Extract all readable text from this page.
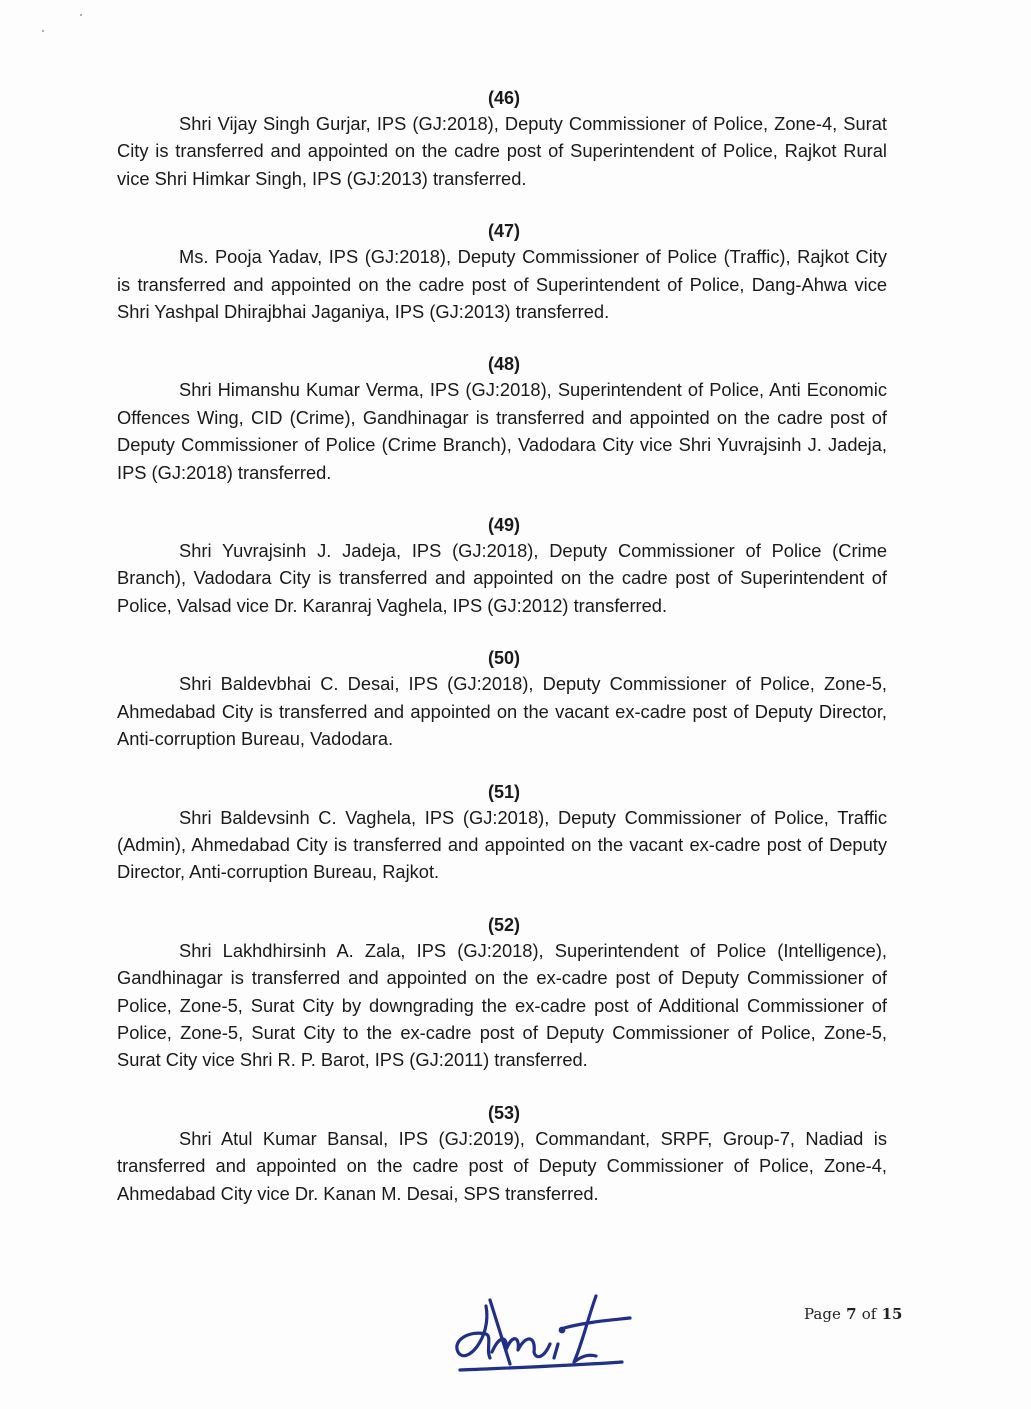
(46)

Shri Vijay Singh Gurjar, IPS (GJ:2018), Deputy Commissioner of Police, Zone-4, Surat City is transferred and appointed on the cadre post of Superintendent of Police, Rajkot Rural vice Shri Himkar Singh, IPS (GJ:2013) transferred.

(47)

Ms. Pooja Yadav, IPS (GJ:2018), Deputy Commissioner of Police (Traffic), Rajkot City is transferred and appointed on the cadre post of Superintendent of Police, Dang-Ahwa vice Shri Yashpal Dhirajbhai Jaganiya, IPS (GJ:2013) transferred.

(48)

Shri Himanshu Kumar Verma, IPS (GJ:2018), Superintendent of Police, Anti Economic Offences Wing, CID (Crime), Gandhinagar is transferred and appointed on the cadre post of Deputy Commissioner of Police (Crime Branch), Vadodara City vice Shri Yuvrajsinh J. Jadeja, IPS (GJ:2018) transferred.

(49)

Shri Yuvrajsinh J. Jadeja, IPS (GJ:2018), Deputy Commissioner of Police (Crime Branch), Vadodara City is transferred and appointed on the cadre post of Superintendent of Police, Valsad vice Dr. Karanraj Vaghela, IPS (GJ:2012) transferred.

(50)

Shri Baldevbhai C. Desai, IPS (GJ:2018), Deputy Commissioner of Police, Zone-5, Ahmedabad City is transferred and appointed on the vacant ex-cadre post of Deputy Director, Anti-corruption Bureau, Vadodara.

(51)

Shri Baldevsinh C. Vaghela, IPS (GJ:2018), Deputy Commissioner of Police, Traffic (Admin), Ahmedabad City is transferred and appointed on the vacant ex-cadre post of Deputy Director, Anti-corruption Bureau, Rajkot.

(52)

Shri Lakhdhirsinh A. Zala, IPS (GJ:2018), Superintendent of Police (Intelligence), Gandhinagar is transferred and appointed on the ex-cadre post of Deputy Commissioner of Police, Zone-5, Surat City by downgrading the ex-cadre post of Additional Commissioner of Police, Zone-5, Surat City to the ex-cadre post of Deputy Commissioner of Police, Zone-5, Surat City vice Shri R. P. Barot, IPS (GJ:2011) transferred.

(53)

Shri Atul Kumar Bansal, IPS (GJ:2019), Commandant, SRPF, Group-7, Nadiad is transferred and appointed on the cadre post of Deputy Commissioner of Police, Zone-4, Ahmedabad City vice Dr. Kanan M. Desai, SPS transferred.

Page 7 of 15
